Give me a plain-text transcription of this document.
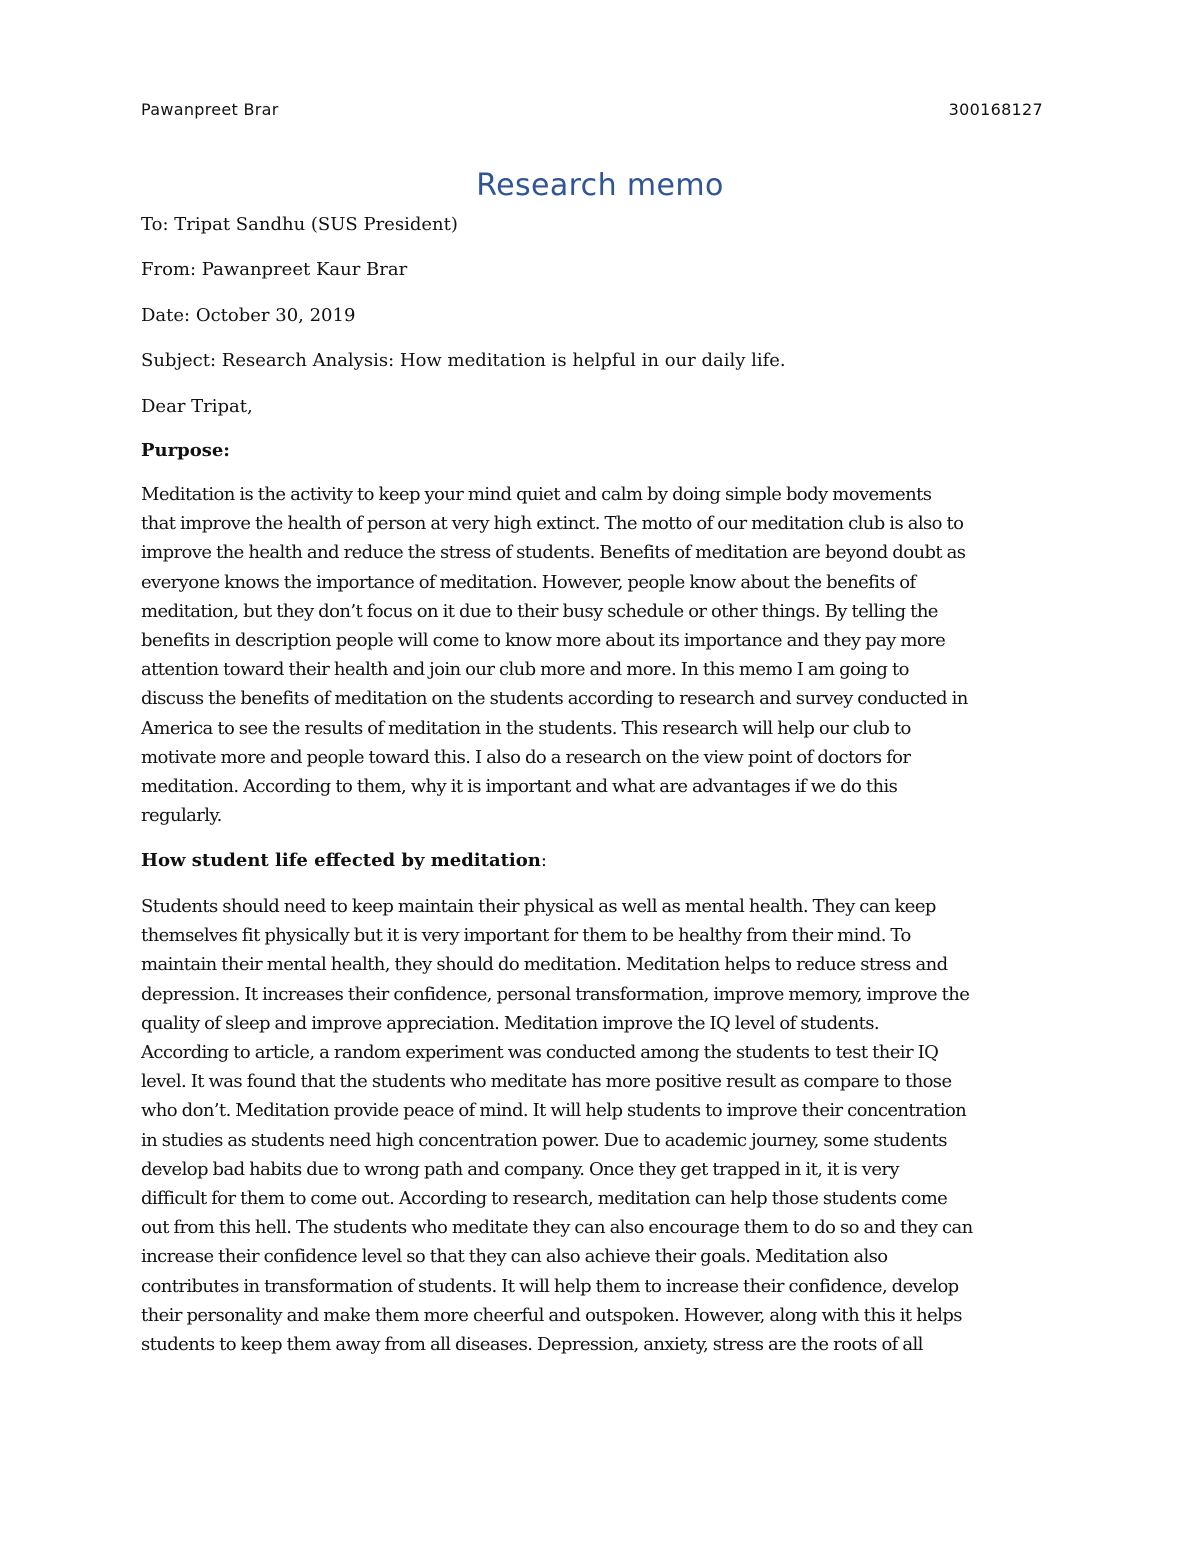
Pawanpreet Brar	300168127
Research memo
To: Tripat Sandhu (SUS President)
From: Pawanpreet Kaur Brar
Date: October 30, 2019
Subject: Research Analysis: How meditation is helpful in our daily life.
Dear Tripat,
Purpose:
Meditation is the activity to keep your mind quiet and calm by doing simple body movements
that improve the health of person at very high extinct. The motto of our meditation club is also to
improve the health and reduce the stress of students. Benefits of meditation are beyond doubt as
everyone knows the importance of meditation. However, people know about the benefits of
meditation, but they don’t focus on it due to their busy schedule or other things. By telling the
benefits in description people will come to know more about its importance and they pay more
attention toward their health and join our club more and more. In this memo I am going to
discuss the benefits of meditation on the students according to research and survey conducted in
America to see the results of meditation in the students. This research will help our club to
motivate more and people toward this. I also do a research on the view point of doctors for
meditation. According to them, why it is important and what are advantages if we do this
regularly.
How student life effected by meditation:
Students should need to keep maintain their physical as well as mental health. They can keep
themselves fit physically but it is very important for them to be healthy from their mind. To
maintain their mental health, they should do meditation. Meditation helps to reduce stress and
depression. It increases their confidence, personal transformation, improve memory, improve the
quality of sleep and improve appreciation. Meditation improve the IQ level of students.
According to article, a random experiment was conducted among the students to test their IQ
level. It was found that the students who meditate has more positive result as compare to those
who don’t. Meditation provide peace of mind. It will help students to improve their concentration
in studies as students need high concentration power. Due to academic journey, some students
develop bad habits due to wrong path and company. Once they get trapped in it, it is very
difficult for them to come out. According to research, meditation can help those students come
out from this hell. The students who meditate they can also encourage them to do so and they can
increase their confidence level so that they can also achieve their goals. Meditation also
contributes in transformation of students. It will help them to increase their confidence, develop
their personality and make them more cheerful and outspoken. However, along with this it helps
students to keep them away from all diseases. Depression, anxiety, stress are the roots of all
